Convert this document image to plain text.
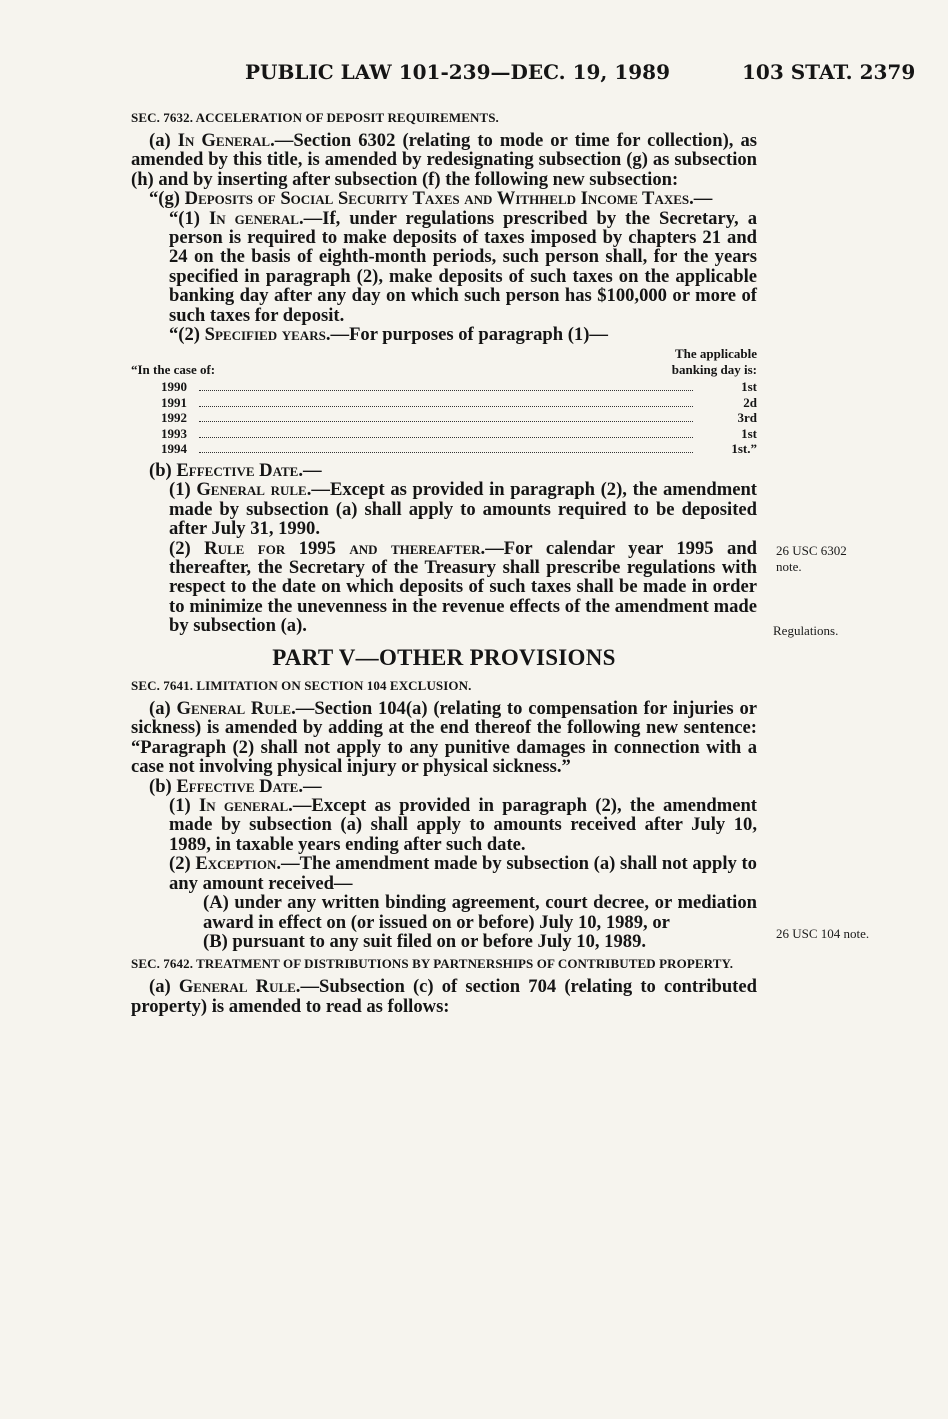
PUBLIC LAW 101-239—DEC. 19, 1989	103 STAT. 2379
SEC. 7632. ACCELERATION OF DEPOSIT REQUIREMENTS.

(a) In General.—Section 6302 (relating to mode or time for collection), as amended by this title, is amended by redesignating subsection (g) as subsection (h) and by inserting after subsection (f) the following new subsection:

“(g) Deposits of Social Security Taxes and Withheld Income Taxes.—

“(1) In general.—If, under regulations prescribed by the Secretary, a person is required to make deposits of taxes imposed by chapters 21 and 24 on the basis of eighth-month periods, such person shall, for the years specified in paragraph (2), make deposits of such taxes on the applicable banking day after any day on which such person has $100,000 or more of such taxes for deposit.

“(2) Specified years.—For purposes of paragraph (1)—

“In the case of:
The applicable
banking day is:
1990	1st
1991	2d
1992	3rd
1993	1st
1994	1st.”

(b) Effective Date.—

(1) General rule.—Except as provided in paragraph (2), the amendment made by subsection (a) shall apply to amounts required to be deposited after July 31, 1990.

(2) Rule for 1995 and thereafter.—For calendar year 1995 and thereafter, the Secretary of the Treasury shall prescribe regulations with respect to the date on which deposits of such taxes shall be made in order to minimize the unevenness in the revenue effects of the amendment made by subsection (a).

PART V—OTHER PROVISIONS
SEC. 7641. LIMITATION ON SECTION 104 EXCLUSION.

(a) General Rule.—Section 104(a) (relating to compensation for injuries or sickness) is amended by adding at the end thereof the following new sentence: “Paragraph (2) shall not apply to any punitive damages in connection with a case not involving physical injury or physical sickness.”

(b) Effective Date.—

(1) In general.—Except as provided in paragraph (2), the amendment made by subsection (a) shall apply to amounts received after July 10, 1989, in taxable years ending after such date.

(2) Exception.—The amendment made by subsection (a) shall not apply to any amount received—

(A) under any written binding agreement, court decree, or mediation award in effect on (or issued on or before) July 10, 1989, or

(B) pursuant to any suit filed on or before July 10, 1989.

SEC. 7642. TREATMENT OF DISTRIBUTIONS BY PARTNERSHIPS OF CONTRIBUTED PROPERTY.

(a) General Rule.—Subsection (c) of section 704 (relating to contributed property) is amended to read as follows:

26 USC 6302
note.
Regulations.
26 USC 104 note.
